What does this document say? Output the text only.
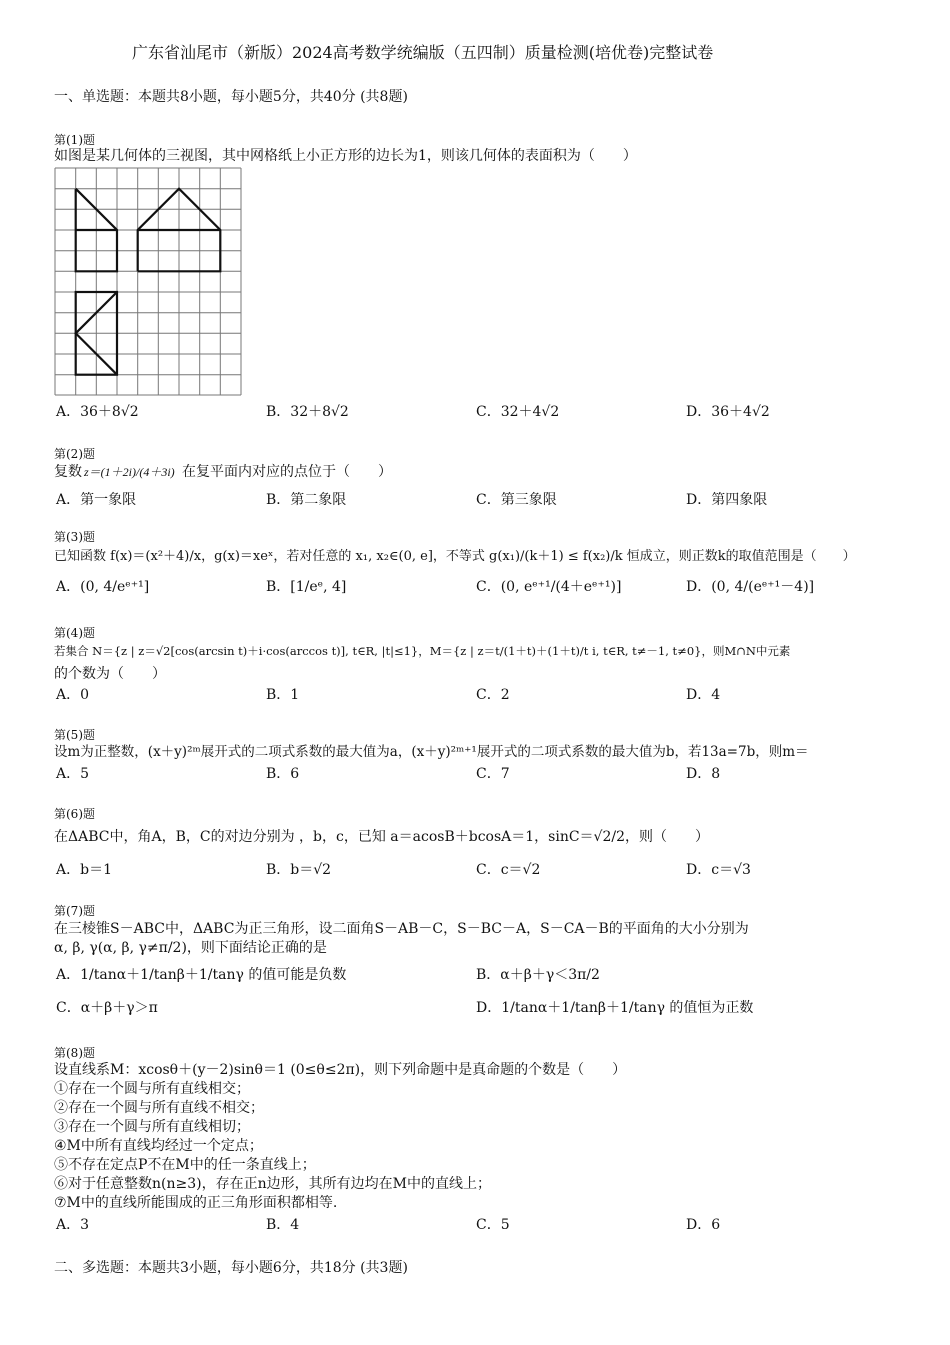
广东省汕尾市（新版）2024高考数学统编版（五四制）质量检测(培优卷)完整试卷
一、单选题：本题共8小题，每小题5分，共40分 (共8题)
第(1)题
如图是某几何体的三视图，其中网格纸上小正方形的边长为1，则该几何体的表面积为（　　）
A．36＋8√2	B．32＋8√2	C．32＋4√2	D．36＋4√2
第(2)题
复数 z＝(1＋2i)/(4＋3i) 在复平面内对应的点位于（　　）
A．第一象限	B．第二象限	C．第三象限	D．第四象限
第(3)题
已知函数 f(x)＝(x²＋4)/x，g(x)＝xeˣ，若对任意的 x₁, x₂∈(0, e]，不等式 g(x₁)/(k＋1) ≤ f(x₂)/k 恒成立，则正数k的取值范围是（　　）
A．(0, 4/eᵉ⁺¹]	B．[1/eᵉ, 4]	C．(0, eᵉ⁺¹/(4＋eᵉ⁺¹)]	D．(0, 4/(eᵉ⁺¹－4)]
第(4)题
若集合 N＝{z | z＝√2[cos(arcsin t)＋i·cos(arccos t)], t∈R, |t|≤1}，M＝{z | z＝t/(1＋t)＋(1＋t)/t i, t∈R, t≠－1, t≠0}，则M∩N中元素
的个数为（　　）
A．0	B．1	C．2	D．4
第(5)题
设m为正整数，(x＋y)²ᵐ展开式的二项式系数的最大值为a，(x＋y)²ᵐ⁺¹展开式的二项式系数的最大值为b，若13a=7b，则m＝
A．5	B．6	C．7	D．8
第(6)题
在ΔABC中，角A，B，C的对边分别为 ，b，c，已知 a＝acosB＋bcosA＝1，sinC＝√2/2，则（　　）
A．b＝1	B．b＝√2	C．c＝√2	D．c＝√3
第(7)题
在三棱锥S－ABC中，ΔABC为正三角形，设二面角S－AB－C，S－BC－A，S－CA－B的平面角的大小分别为
α, β, γ(α, β, γ≠π/2)，则下面结论正确的是
A．1/tanα＋1/tanβ＋1/tanγ 的值可能是负数	B．α＋β＋γ＜3π/2
C．α＋β＋γ＞π	D．1/tanα＋1/tanβ＋1/tanγ 的值恒为正数
第(8)题
设直线系M：xcosθ＋(y－2)sinθ＝1 (0≤θ≤2π)，则下列命题中是真命题的个数是（　　）
①存在一个圆与所有直线相交；
②存在一个圆与所有直线不相交；
③存在一个圆与所有直线相切；
④M中所有直线均经过一个定点；
⑤不存在定点P不在M中的任一条直线上；
⑥对于任意整数n(n≥3)，存在正n边形，其所有边均在M中的直线上；
⑦M中的直线所能围成的正三角形面积都相等.
A．3	B．4	C．5	D．6
二、多选题：本题共3小题，每小题6分，共18分 (共3题)
